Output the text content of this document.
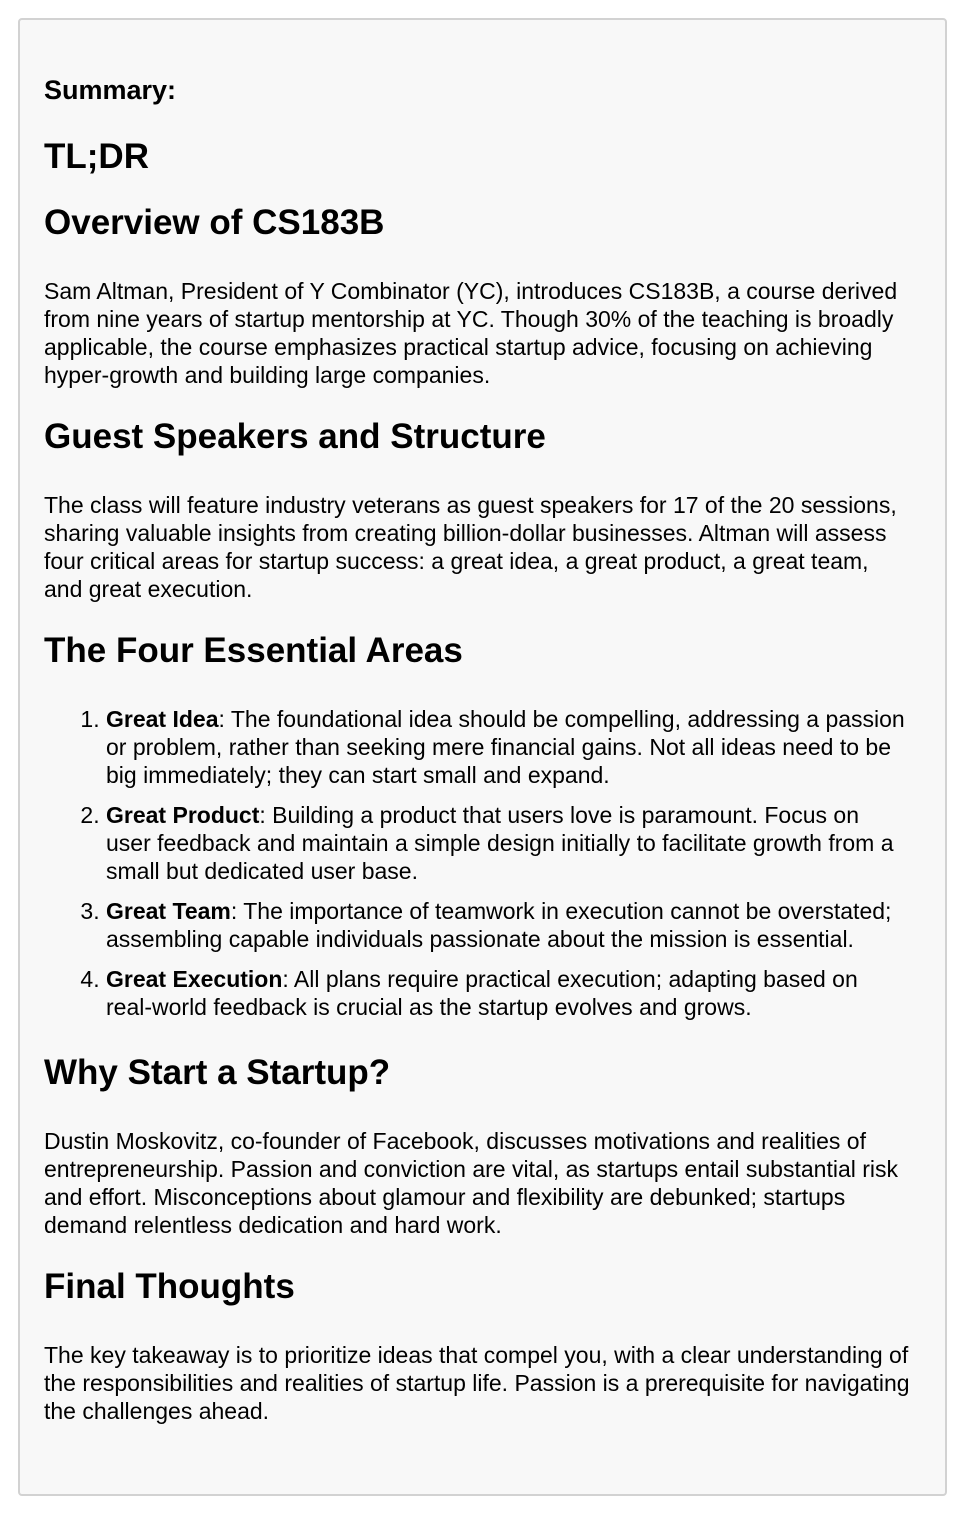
Summary:
TL;DR
Overview of CS183B

Sam Altman, President of Y Combinator (YC), introduces CS183B, a course derived from nine years of startup mentorship at YC. Though 30% of the teaching is broadly applicable, the course emphasizes practical startup advice, focusing on achieving hyper-growth and building large companies.

Guest Speakers and Structure

The class will feature industry veterans as guest speakers for 17 of the 20 sessions, sharing valuable insights from creating billion-dollar businesses. Altman will assess four critical areas for startup success: a great idea, a great product, a great team, and great execution.

The Four Essential Areas
1. Great Idea: The foundational idea should be compelling, addressing a passion or problem, rather than seeking mere financial gains. Not all ideas need to be big immediately; they can start small and expand.
2. Great Product: Building a product that users love is paramount. Focus on user feedback and maintain a simple design initially to facilitate growth from a small but dedicated user base.
3. Great Team: The importance of teamwork in execution cannot be overstated; assembling capable individuals passionate about the mission is essential.
4. Great Execution: All plans require practical execution; adapting based on real-world feedback is crucial as the startup evolves and grows.
Why Start a Startup?

Dustin Moskovitz, co-founder of Facebook, discusses motivations and realities of entrepreneurship. Passion and conviction are vital, as startups entail substantial risk and effort. Misconceptions about glamour and flexibility are debunked; startups demand relentless dedication and hard work.

Final Thoughts

The key takeaway is to prioritize ideas that compel you, with a clear understanding of the responsibilities and realities of startup life. Passion is a prerequisite for navigating the challenges ahead.
